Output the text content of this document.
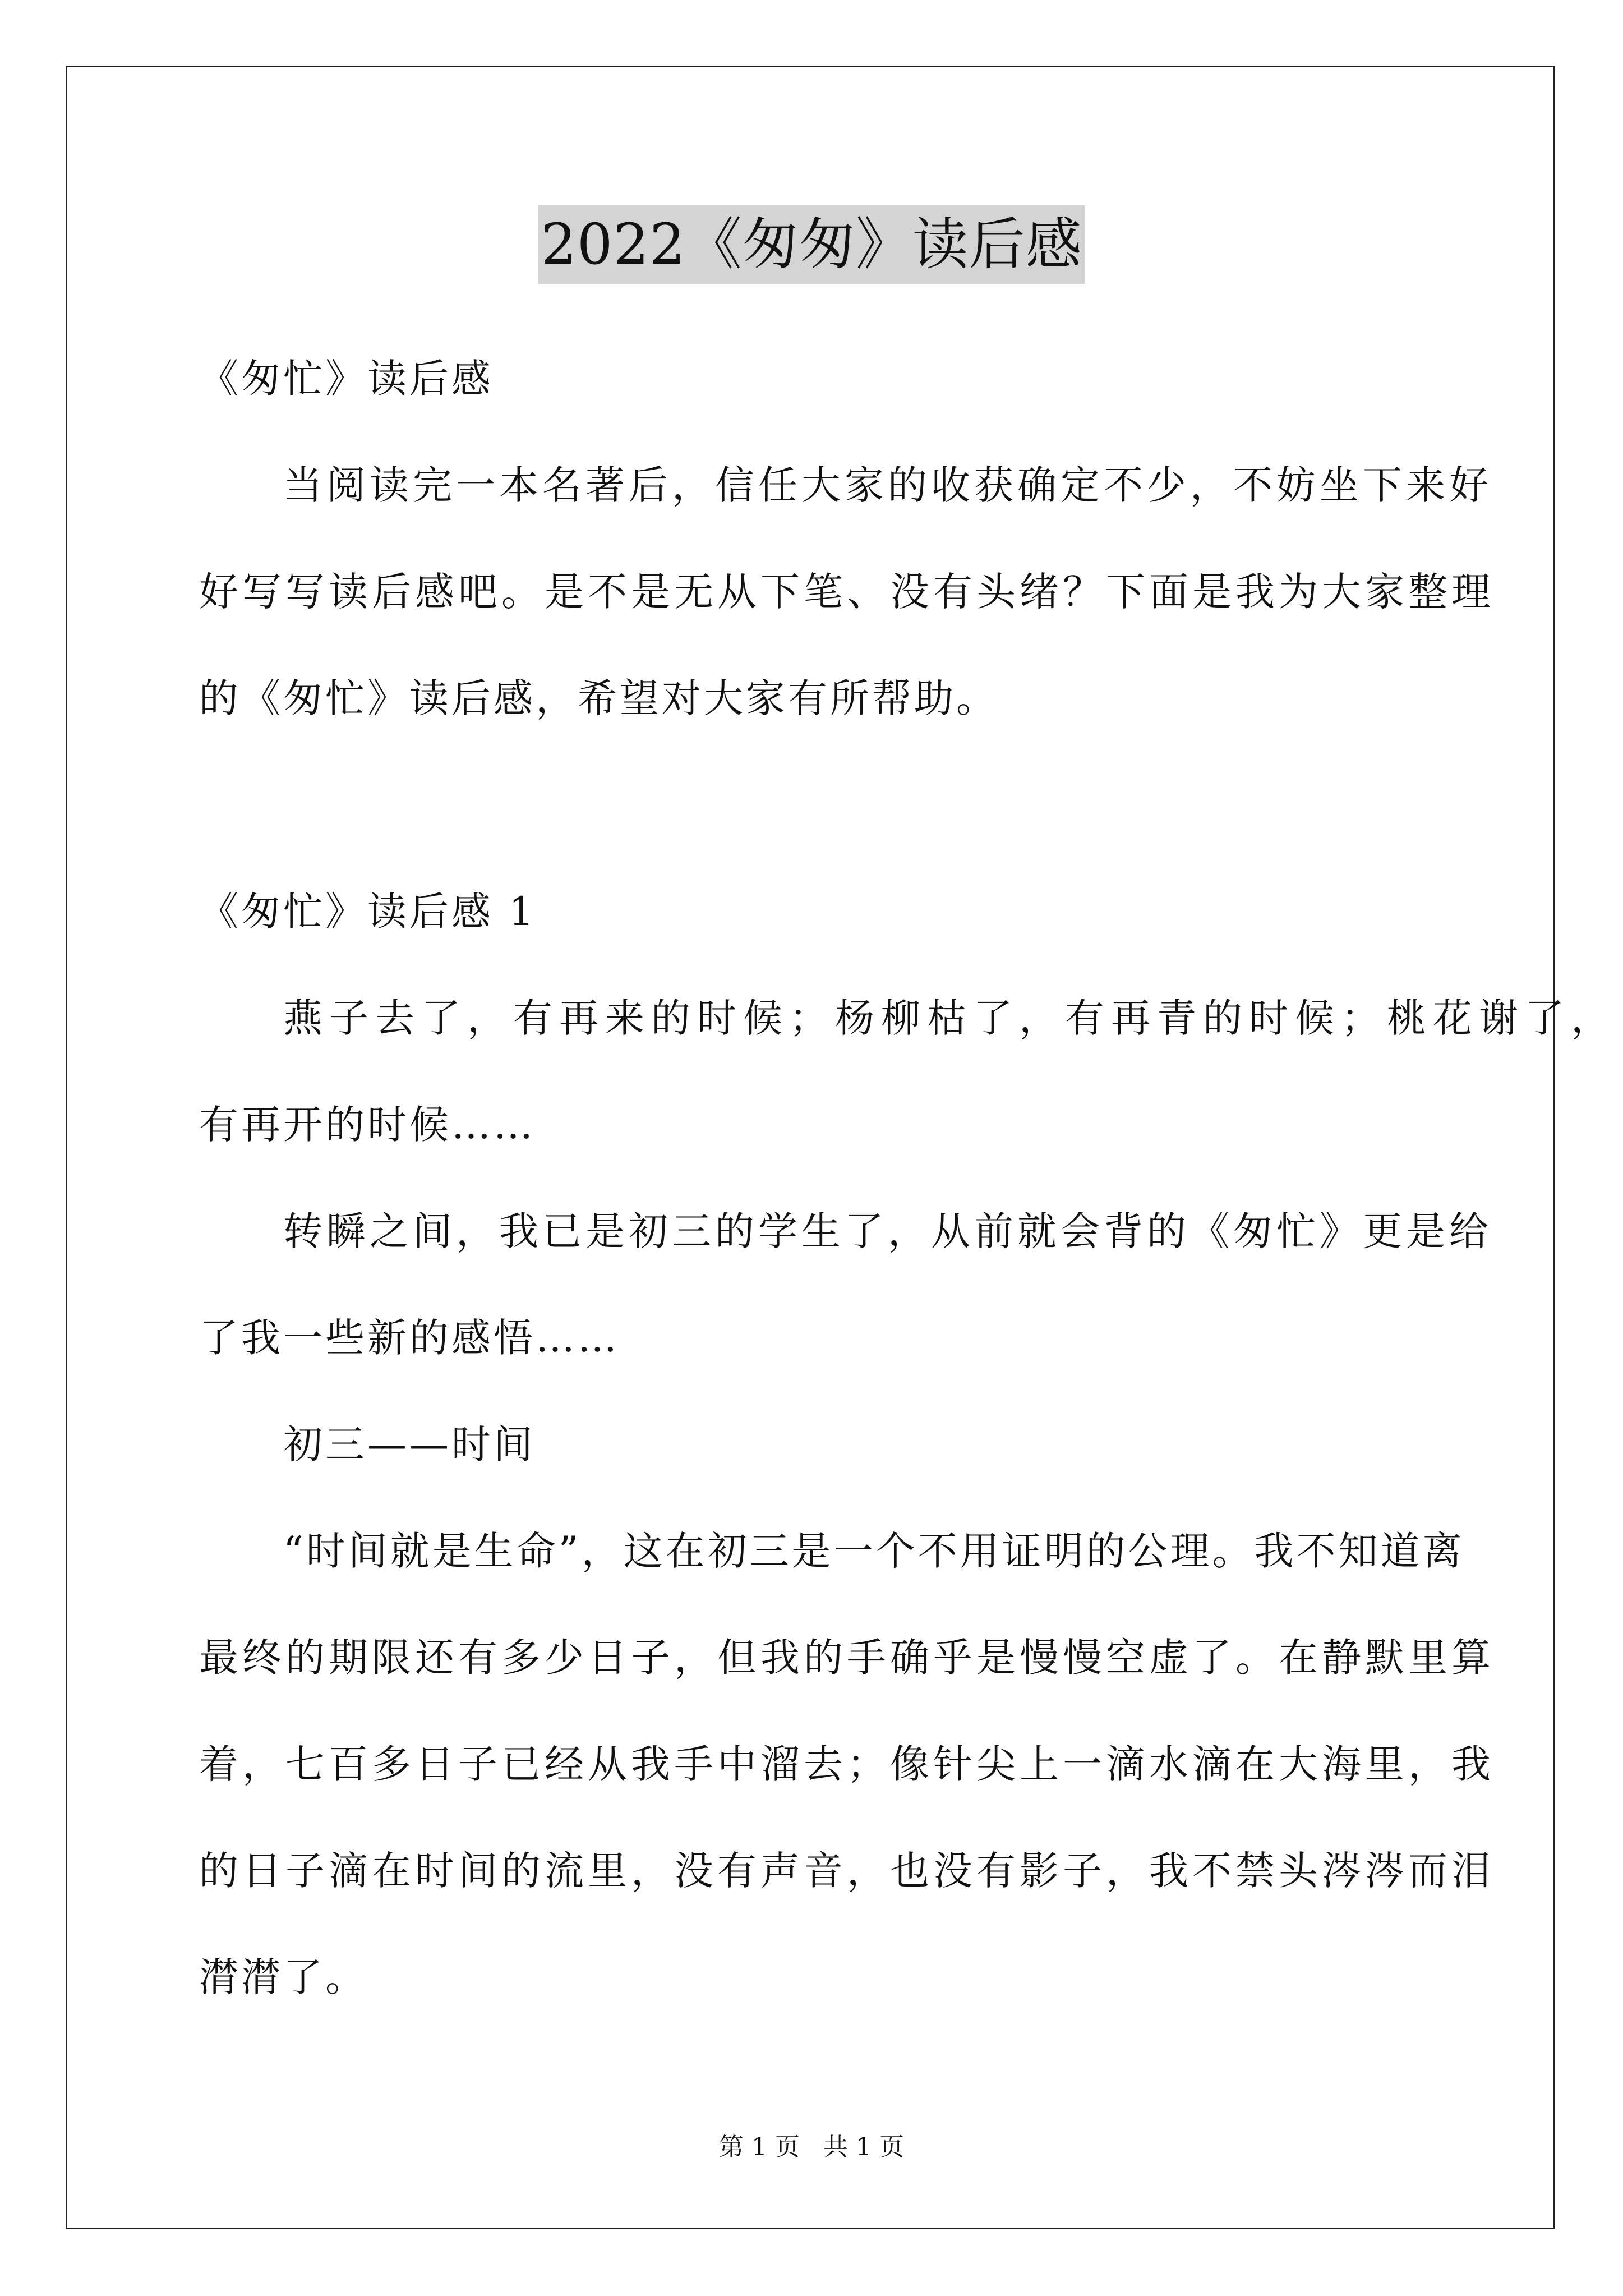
2022《匆匆》读后感
《匆忙》读后感
当阅读完一本名著后，信任大家的收获确定不少，不妨坐下来好
好写写读后感吧。是不是无从下笔、没有头绪？下面是我为大家整理
的《匆忙》读后感，希望对大家有所帮助。
《匆忙》读后感 1
燕子去了，有再来的时候；杨柳枯了，有再青的时候；桃花谢了，
有再开的时候……
转瞬之间，我已是初三的学生了，从前就会背的《匆忙》更是给
了我一些新的感悟……
初三——时间
“时间就是生命”，这在初三是一个不用证明的公理。我不知道离
最终的期限还有多少日子，但我的手确乎是慢慢空虚了。在静默里算
着，七百多日子已经从我手中溜去；像针尖上一滴水滴在大海里，我
的日子滴在时间的流里，没有声音，也没有影子，我不禁头涔涔而泪
潸潸了。
第 1 页 共 1 页
